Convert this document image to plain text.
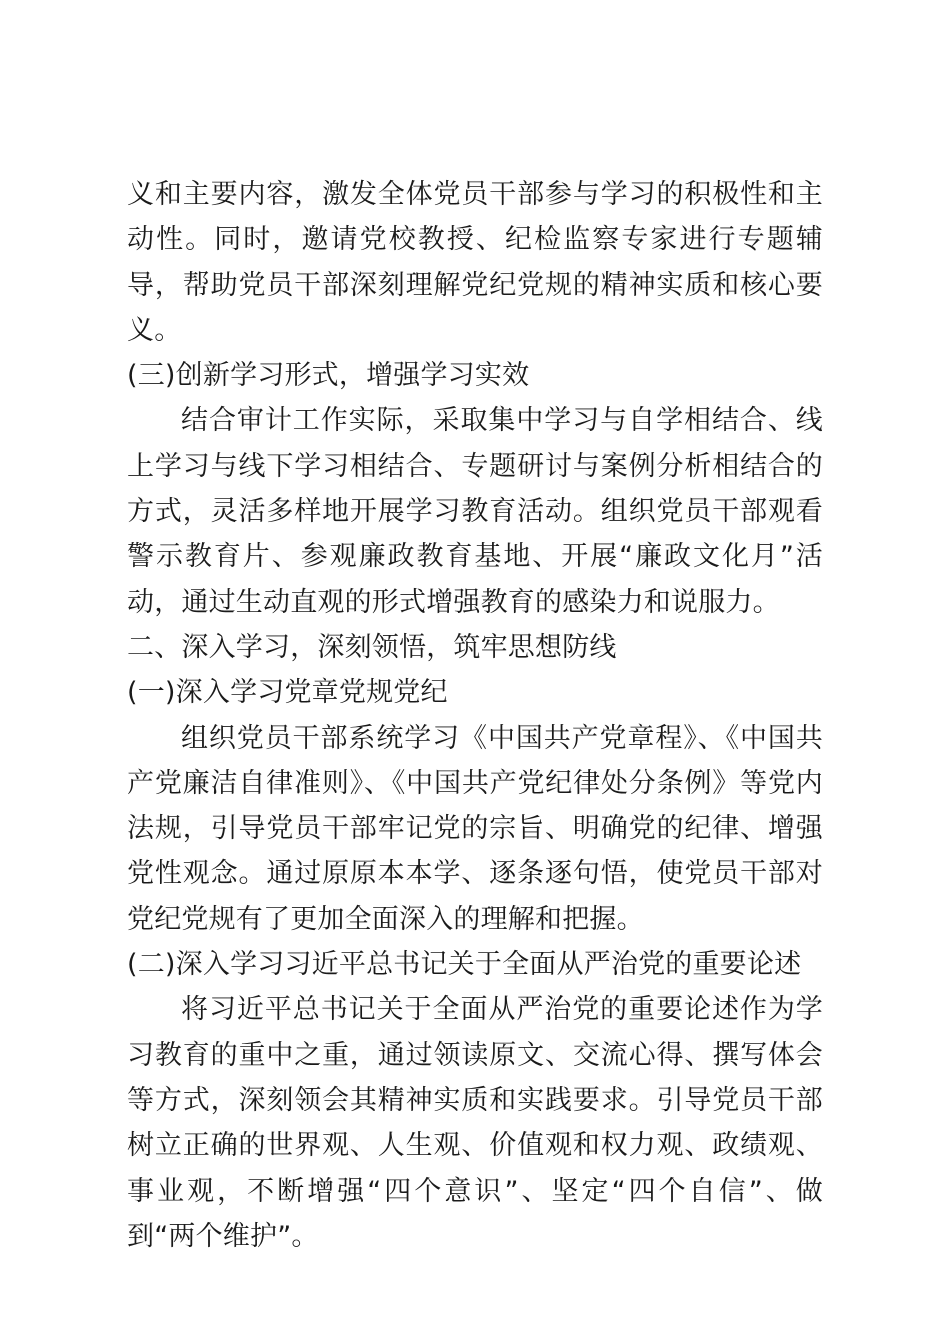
义和主要内容，激发全体党员干部参与学习的积极性和主动性。同时，邀请党校教授、纪检监察专家进行专题辅导，帮助党员干部深刻理解党纪党规的精神实质和核心要义。

(三)创新学习形式，增强学习实效

结合审计工作实际，采取集中学习与自学相结合、线上学习与线下学习相结合、专题研讨与案例分析相结合的方式，灵活多样地开展学习教育活动。组织党员干部观看警示教育片、参观廉政教育基地、开展“廉政文化月”活动，通过生动直观的形式增强教育的感染力和说服力。

二、深入学习，深刻领悟，筑牢思想防线

(一)深入学习党章党规党纪

组织党员干部系统学习《中国共产党章程》、《中国共产党廉洁自律准则》、《中国共产党纪律处分条例》等党内法规，引导党员干部牢记党的宗旨、明确党的纪律、增强党性观念。通过原原本本学、逐条逐句悟，使党员干部对党纪党规有了更加全面深入的理解和把握。

(二)深入学习习近平总书记关于全面从严治党的重要论述

将习近平总书记关于全面从严治党的重要论述作为学习教育的重中之重，通过领读原文、交流心得、撰写体会等方式，深刻领会其精神实质和实践要求。引导党员干部树立正确的世界观、人生观、价值观和权力观、政绩观、事业观，不断增强“四个意识”、坚定“四个自信”、做到“两个维护”。
